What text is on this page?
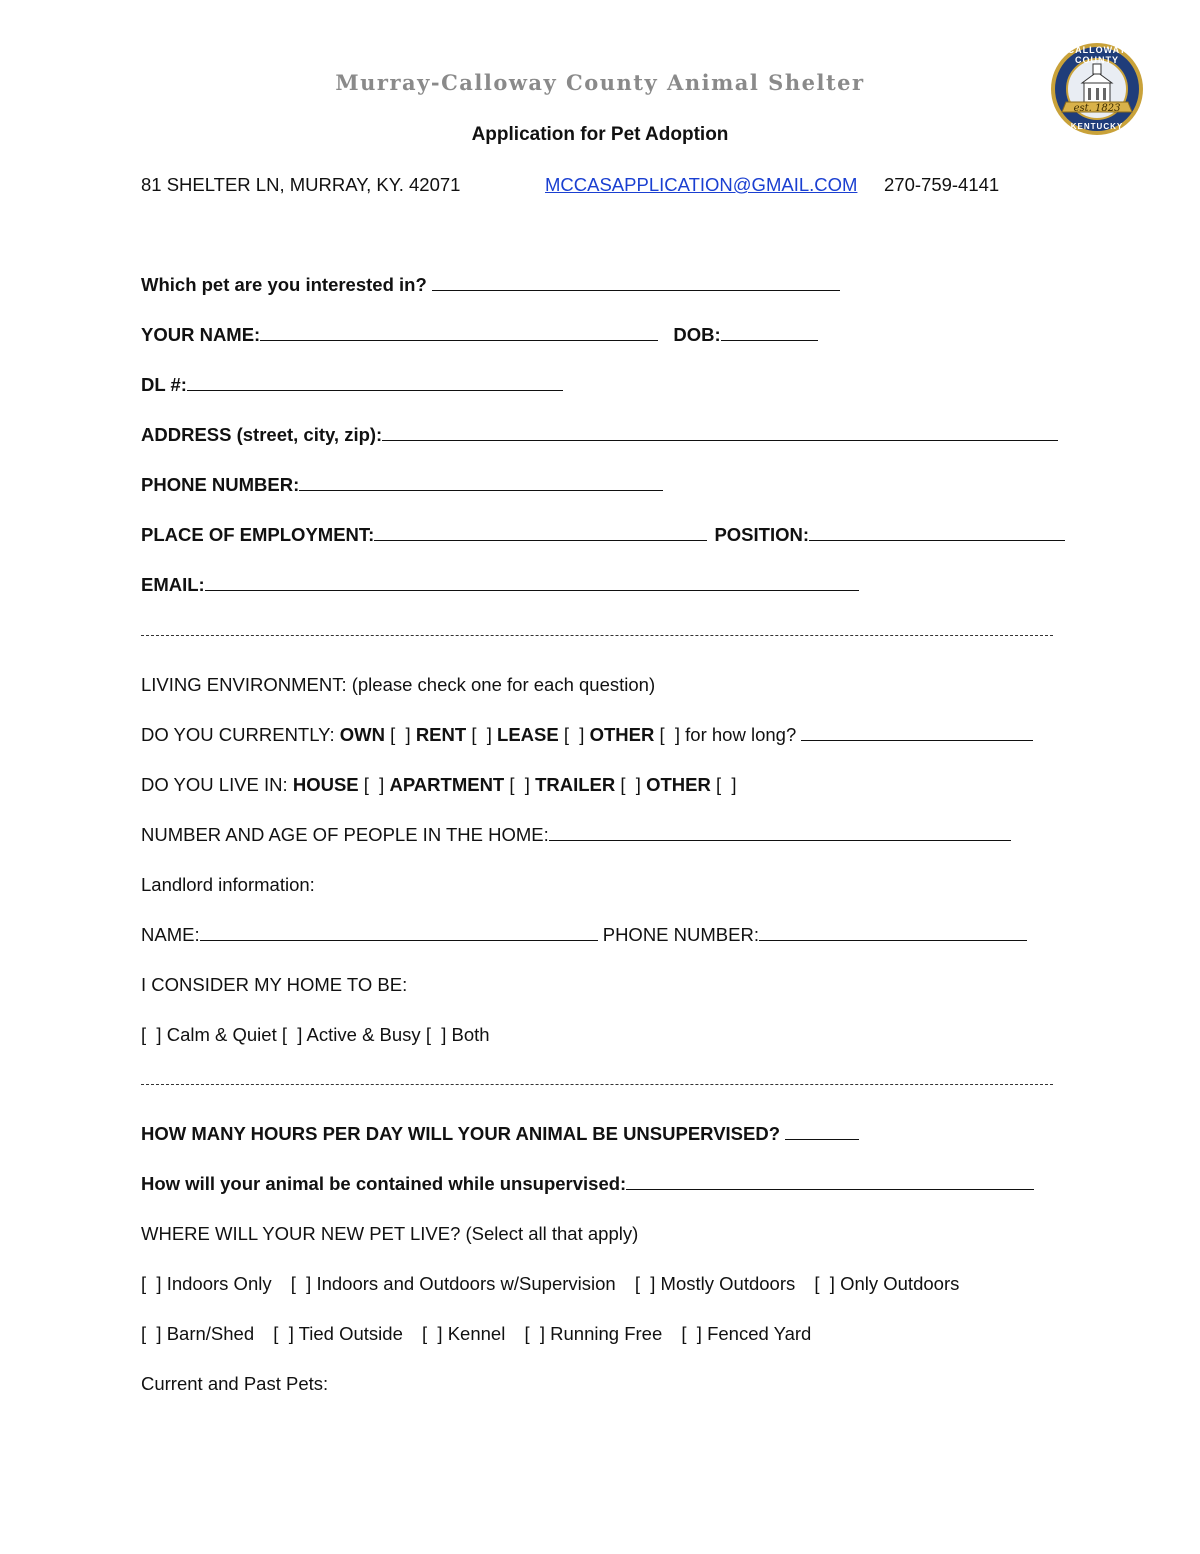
Murray-Calloway County Animal Shelter
CALLOWAY COUNTY
est. 1823
KENTUCKY
Application for Pet Adoption
81 SHELTER LN, MURRAY, KY. 42071	MCCASAPPLICATION@GMAIL.COM 270-759-4141
Which pet are you interested in?
YOUR NAME:	DOB:
DL #:
ADDRESS (street, city, zip):
PHONE NUMBER:
PLACE OF EMPLOYMENT:	POSITION:
EMAIL:
LIVING ENVIRONMENT: (please check one for each question)
DO YOU CURRENTLY: OWN [  ] RENT [  ] LEASE [  ] OTHER [  ] for how long?
DO YOU LIVE IN: HOUSE [  ] APARTMENT [  ] TRAILER [  ] OTHER [  ]
NUMBER AND AGE OF PEOPLE IN THE HOME:
Landlord information:
NAME:	PHONE NUMBER:
I CONSIDER MY HOME TO BE:
[  ] Calm & Quiet [  ] Active & Busy [  ] Both
HOW MANY HOURS PER DAY WILL YOUR ANIMAL BE UNSUPERVISED?
How will your animal be contained while unsupervised:
WHERE WILL YOUR NEW PET LIVE? (Select all that apply)
[  ] Indoors Only [  ] Indoors and Outdoors w/Supervision [  ] Mostly Outdoors [  ] Only Outdoors
[  ] Barn/Shed [  ] Tied Outside [  ] Kennel [  ] Running Free [  ] Fenced Yard
Current and Past Pets:
